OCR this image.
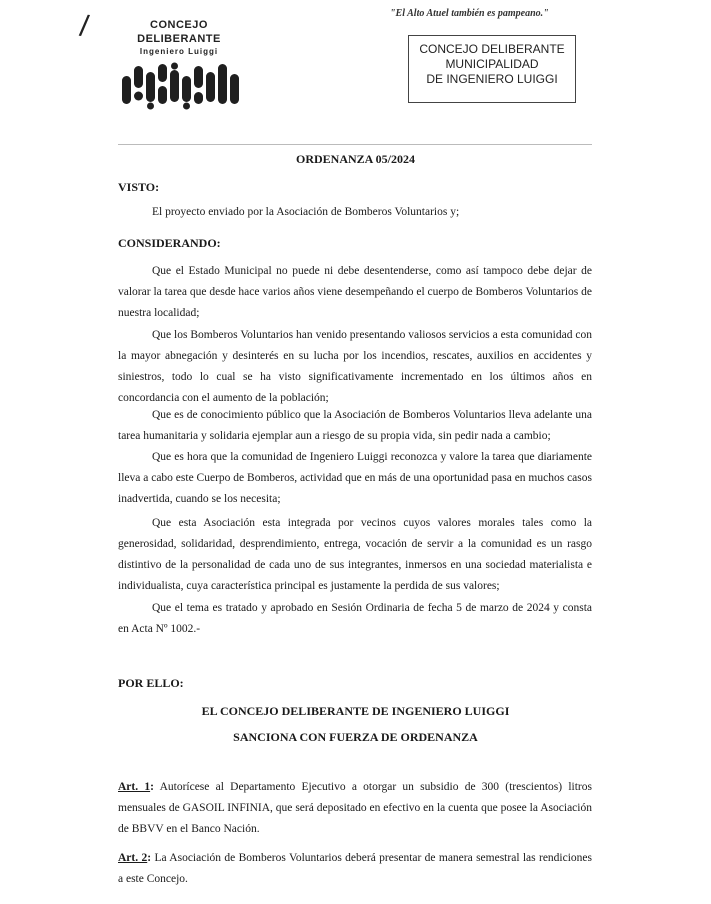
/	CONCEJO
DELIBERANTE
Ingeniero Luiggi
"El Alto Atuel también es pampeano."
CONCEJO DELIBERANTE
MUNICIPALIDAD
DE INGENIERO LUIGGI
ORDENANZA 05/2024
VISTO:
El proyecto enviado por la Asociación de Bomberos Voluntarios y;
CONSIDERANDO:
Que el Estado Municipal no puede ni debe desentenderse, como así tampoco debe dejar de valorar la tarea que desde hace varios años viene desempeñando el cuerpo de Bomberos Voluntarios de nuestra localidad;
Que los Bomberos Voluntarios han venido presentando valiosos servicios a esta comunidad con la mayor abnegación y desinterés en su lucha por los incendios, rescates, auxilios en accidentes y siniestros, todo lo cual se ha visto significativamente incrementado en los últimos años en concordancia con el aumento de la población;
Que es de conocimiento público que la Asociación de Bomberos Voluntarios lleva adelante una tarea humanitaria y solidaria ejemplar aun a riesgo de su propia vida, sin pedir nada a cambio;
Que es hora que la comunidad de Ingeniero Luiggi reconozca y valore la tarea que diariamente lleva a cabo este Cuerpo de Bomberos, actividad que en más de una oportunidad pasa en muchos casos inadvertida, cuando se los necesita;
Que esta Asociación esta integrada por vecinos cuyos valores morales tales como la generosidad, solidaridad, desprendimiento, entrega, vocación de servir a la comunidad es un rasgo distintivo de la personalidad de cada uno de sus integrantes, inmersos en una sociedad materialista e individualista, cuya característica principal es justamente la perdida de sus valores;
Que el tema es tratado y aprobado en Sesión Ordinaria de fecha 5 de marzo de 2024 y consta en Acta Nº 1002.-
POR ELLO:
EL CONCEJO DELIBERANTE DE INGENIERO LUIGGI
SANCIONA CON FUERZA DE ORDENANZA
Art. 1: Autorícese al Departamento Ejecutivo a otorgar un subsidio de 300 (trescientos) litros mensuales de GASOIL INFINIA, que será depositado en efectivo en la cuenta que posee la Asociación de BBVV en el Banco Nación.
Art. 2: La Asociación de Bomberos Voluntarios deberá presentar de manera semestral las rendiciones a este Concejo.
